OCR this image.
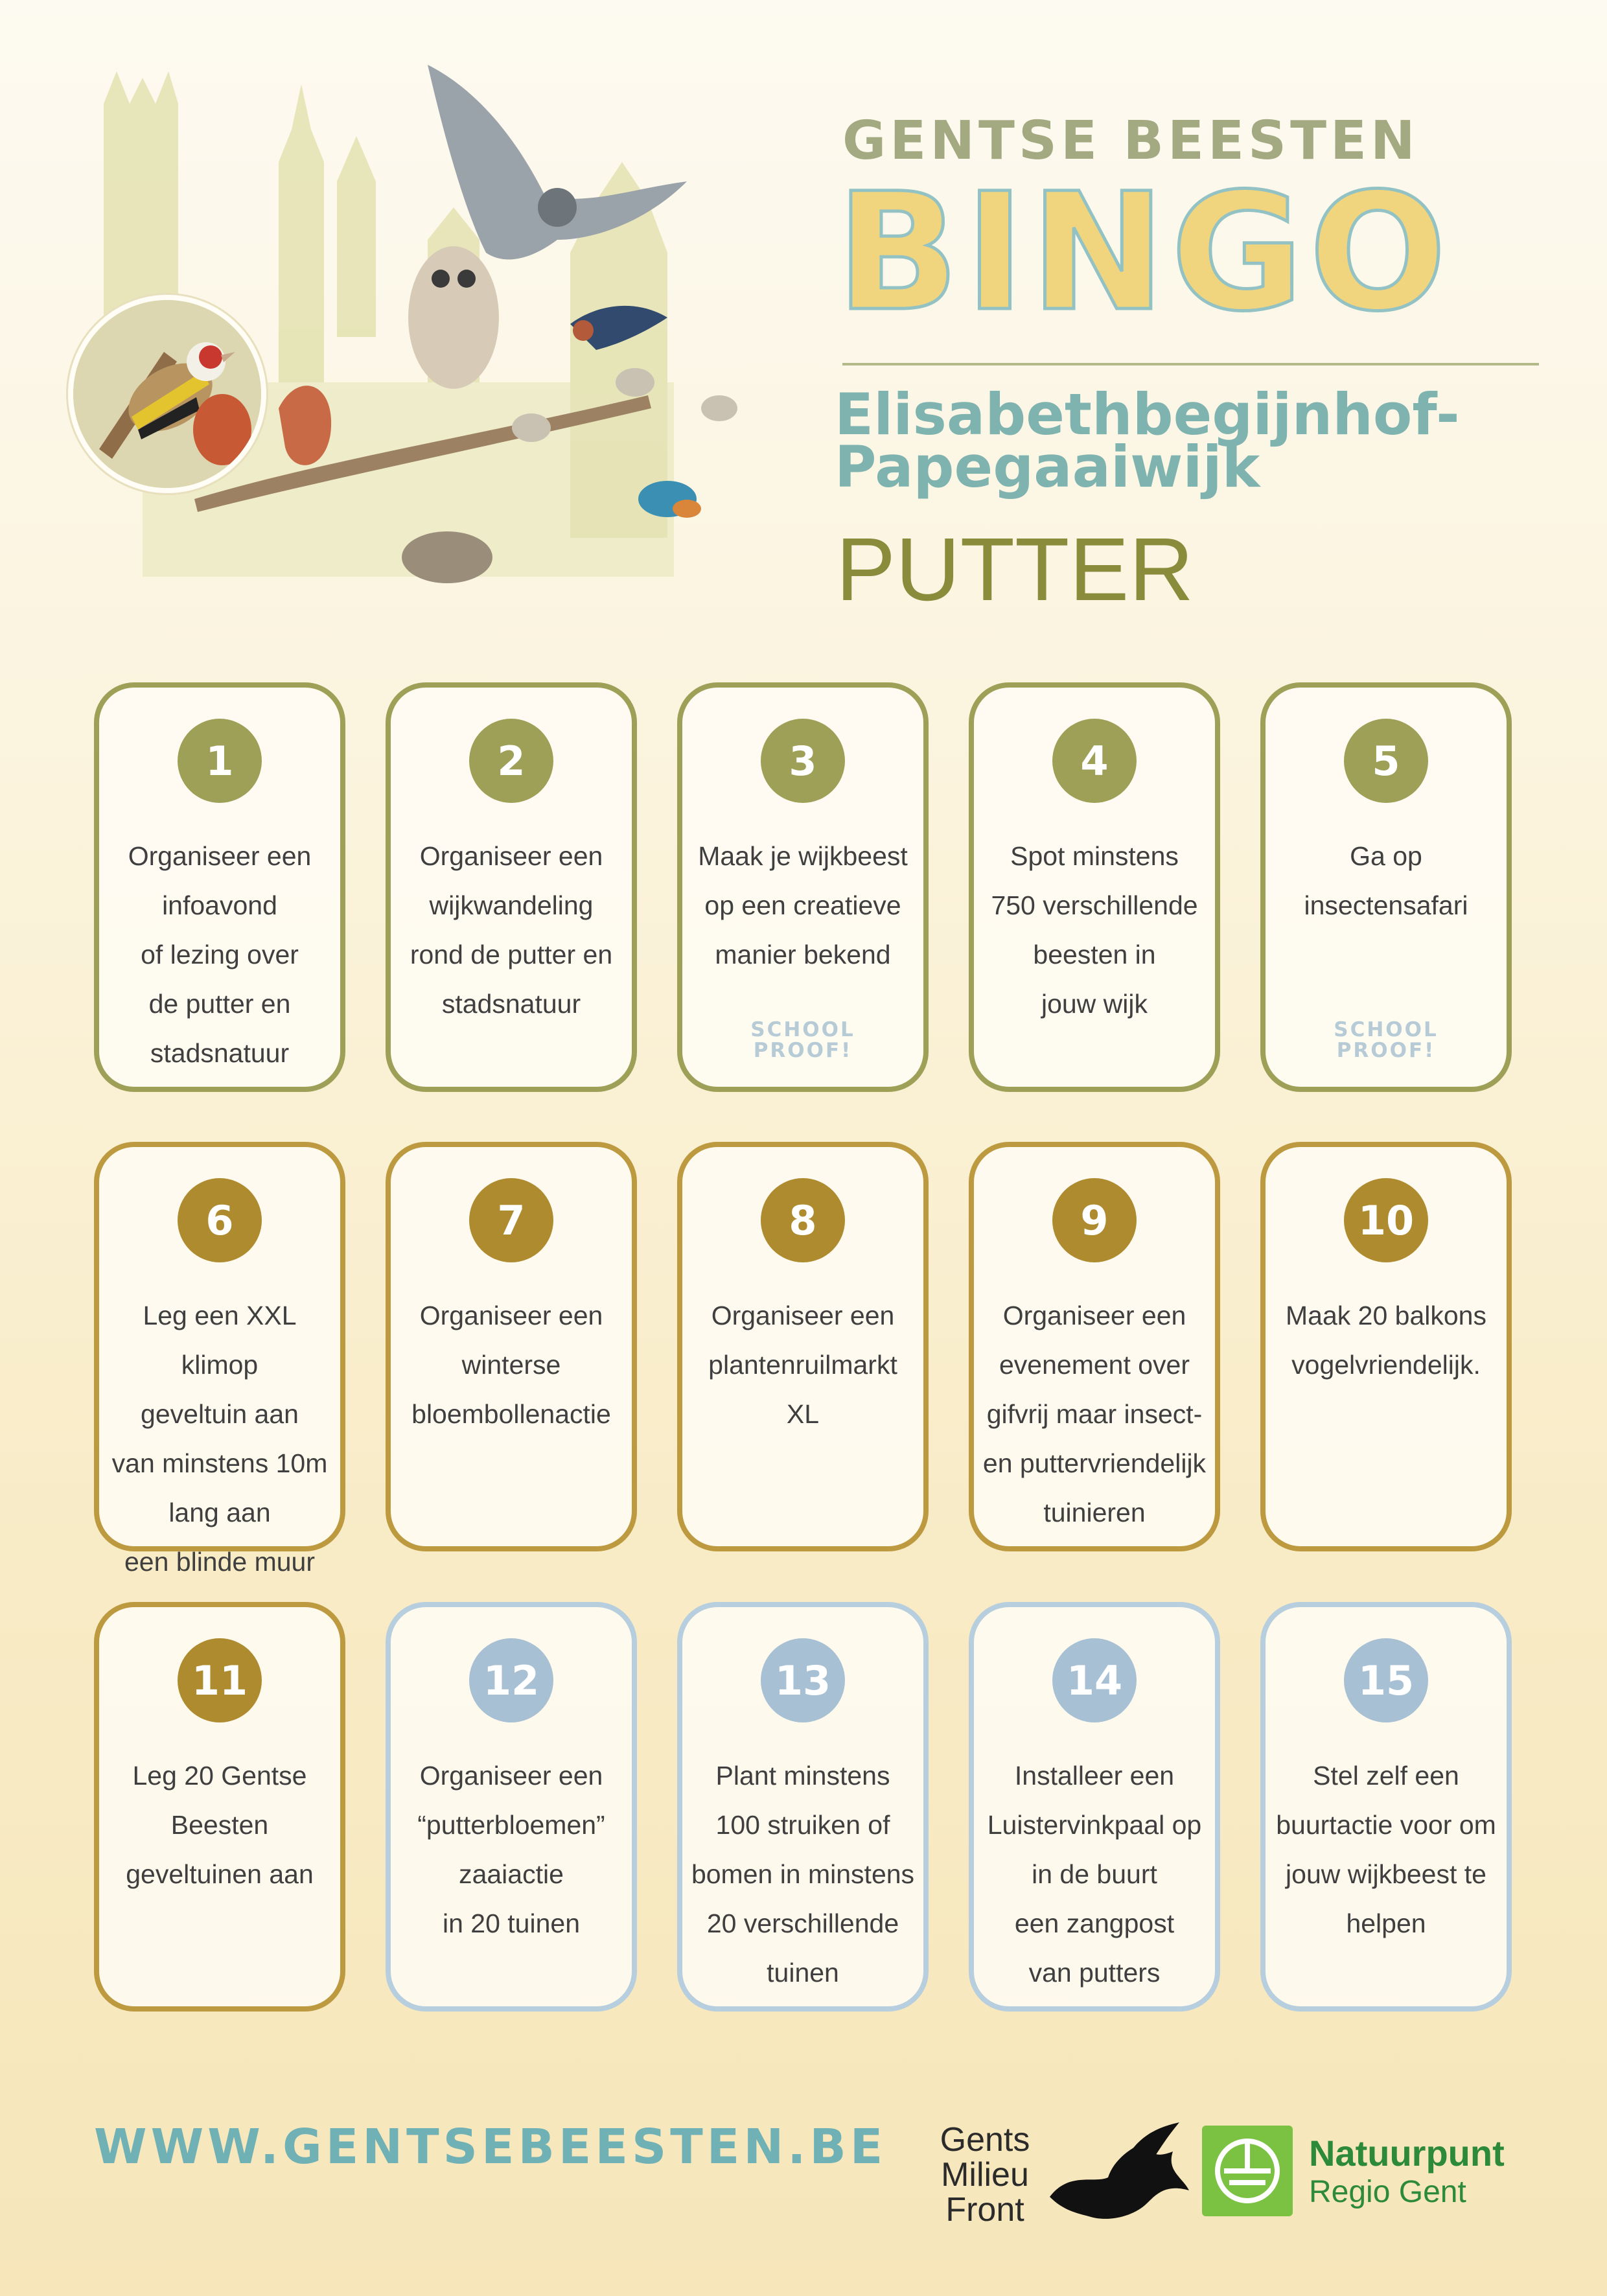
GENTSE BEESTEN
BINGO
Elisabethbegijnhof-
Papegaaiwijk
PUTTER
1
Organiseer een
infoavond
of lezing over
de putter en
stadsnatuur
2
Organiseer een
wijkwandeling
rond de putter en
stadsnatuur
3
Maak je wijkbeest
op een creatieve
manier bekend
SCHOOL
PROOF!
4
Spot minstens
750 verschillende
beesten in
jouw wijk
5
Ga op
insectensafari
SCHOOL
PROOF!
6
Leg een XXL klimop
geveltuin aan
van minstens 10m
lang aan
een blinde muur
7
Organiseer een
winterse
bloembollenactie
8
Organiseer een
plantenruilmarkt
XL
9
Organiseer een
evenement over
gifvrij maar insect-
en puttervriendelijk
tuinieren
10
Maak 20 balkons
vogelvriendelijk.
11
Leg 20 Gentse
Beesten
geveltuinen aan
12
Organiseer een
“putterbloemen”
zaaiactie
in 20 tuinen
13
Plant minstens
100 struiken of
bomen in minstens
20 verschillende
tuinen
14
Installeer een
Luistervinkpaal op
in de buurt
een zangpost
van putters
15
Stel zelf een
buurtactie voor om
jouw wijkbeest te
helpen
WWW.GENTSEBEESTEN.BE Gents
Milieu
Front
Natuurpunt
Regio Gent
